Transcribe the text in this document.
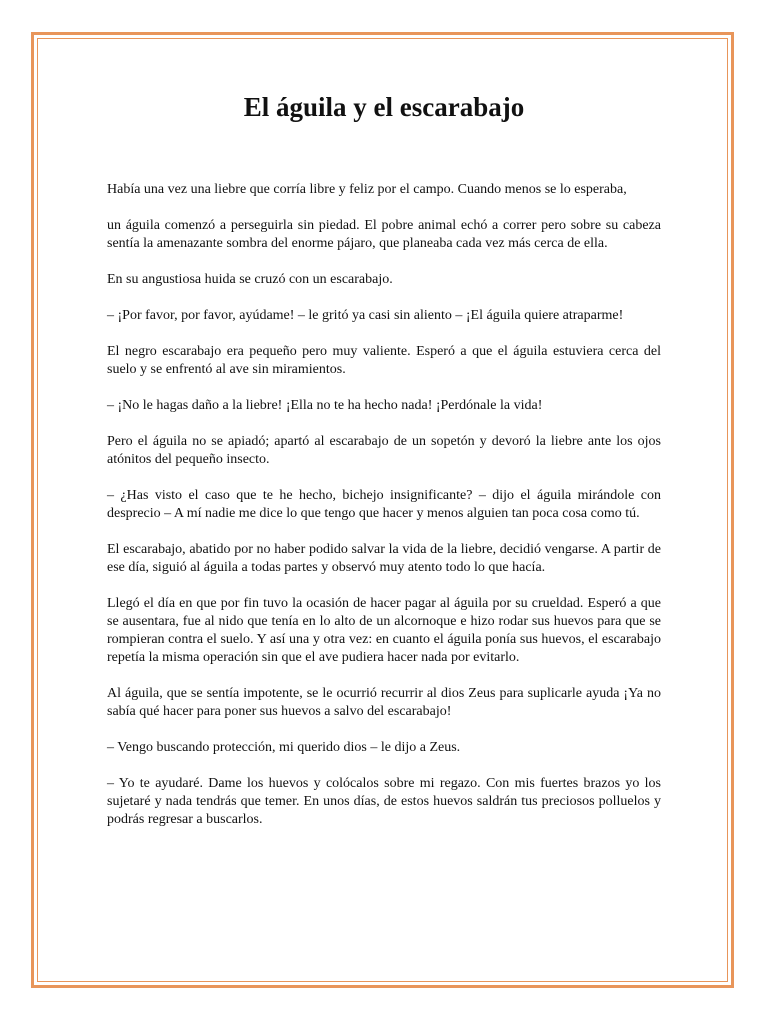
El águila y el escarabajo

Había una vez una liebre que corría libre y feliz por el campo. Cuando menos se lo esperaba,

un águila comenzó a perseguirla sin piedad. El pobre animal echó a correr pero sobre su cabeza sentía la amenazante sombra del enorme pájaro, que planeaba cada vez más cerca de ella.

En su angustiosa huida se cruzó con un escarabajo.

– ¡Por favor, por favor, ayúdame! – le gritó ya casi sin aliento – ¡El águila quiere atraparme!

El negro escarabajo era pequeño pero muy valiente. Esperó a que el águila estuviera cerca del suelo y se enfrentó al ave sin miramientos.

– ¡No le hagas daño a la liebre! ¡Ella no te ha hecho nada! ¡Perdónale la vida!

Pero el águila no se apiadó; apartó al escarabajo de un sopetón y devoró la liebre ante los ojos atónitos del pequeño insecto.

– ¿Has visto el caso que te he hecho, bichejo insignificante? – dijo el águila mirándole con desprecio – A mí nadie me dice lo que tengo que hacer y menos alguien tan poca cosa como tú.

El escarabajo, abatido por no haber podido salvar la vida de la liebre, decidió vengarse. A partir de ese día, siguió al águila a todas partes y observó muy atento todo lo que hacía.

Llegó el día en que por fin tuvo la ocasión de hacer pagar al águila por su crueldad. Esperó a que se ausentara, fue al nido que tenía en lo alto de un alcornoque e hizo rodar sus huevos para que se rompieran contra el suelo. Y así una y otra vez: en cuanto el águila ponía sus huevos, el escarabajo repetía la misma operación sin que el ave pudiera hacer nada por evitarlo.

Al águila, que se sentía impotente, se le ocurrió recurrir al dios Zeus para suplicarle ayuda ¡Ya no sabía qué hacer para poner sus huevos a salvo del escarabajo!

– Vengo buscando protección, mi querido dios – le dijo a Zeus.

– Yo te ayudaré. Dame los huevos y colócalos sobre mi regazo. Con mis fuertes brazos yo los sujetaré y nada tendrás que temer. En unos días, de estos huevos saldrán tus preciosos polluelos y podrás regresar a buscarlos.
